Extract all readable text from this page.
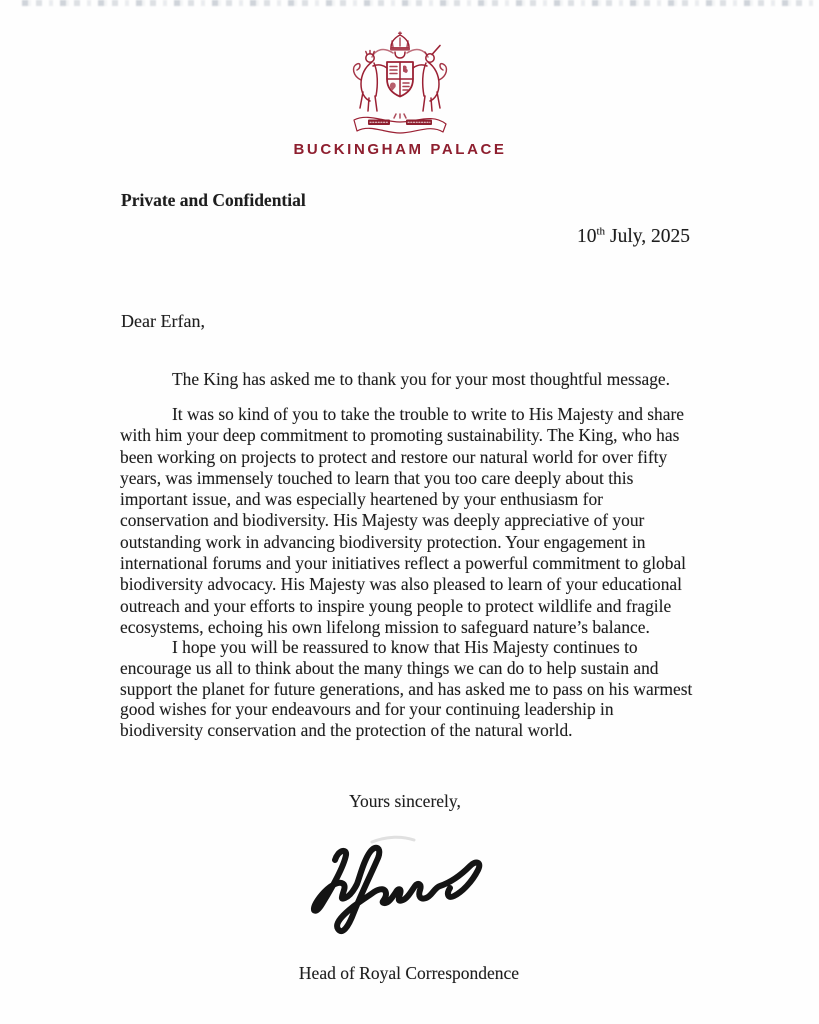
BUCKINGHAM PALACE
Private and Confidential
10th July, 2025
Dear Erfan,

The King has asked me to thank you for your most thoughtful message.

It was so kind of you to take the trouble to write to His Majesty and share with him your deep commitment to promoting sustainability. The King, who has been working on projects to protect and restore our natural world for over fifty years, was immensely touched to learn that you too care deeply about this important issue, and was especially heartened by your enthusiasm for conservation and biodiversity. His Majesty was deeply appreciative of your outstanding work in advancing biodiversity protection. Your engagement in international forums and your initiatives reflect a powerful commitment to global biodiversity advocacy. His Majesty was also pleased to learn of your educational outreach and your efforts to inspire young people to protect wildlife and fragile ecosystems, echoing his own lifelong mission to safeguard nature’s balance.

I hope you will be reassured to know that His Majesty continues to encourage us all to think about the many things we can do to help sustain and support the planet for future generations, and has asked me to pass on his warmest good wishes for your endeavours and for your continuing leadership in biodiversity conservation and the protection of the natural world.

Yours sincerely,
Head of Royal Correspondence
